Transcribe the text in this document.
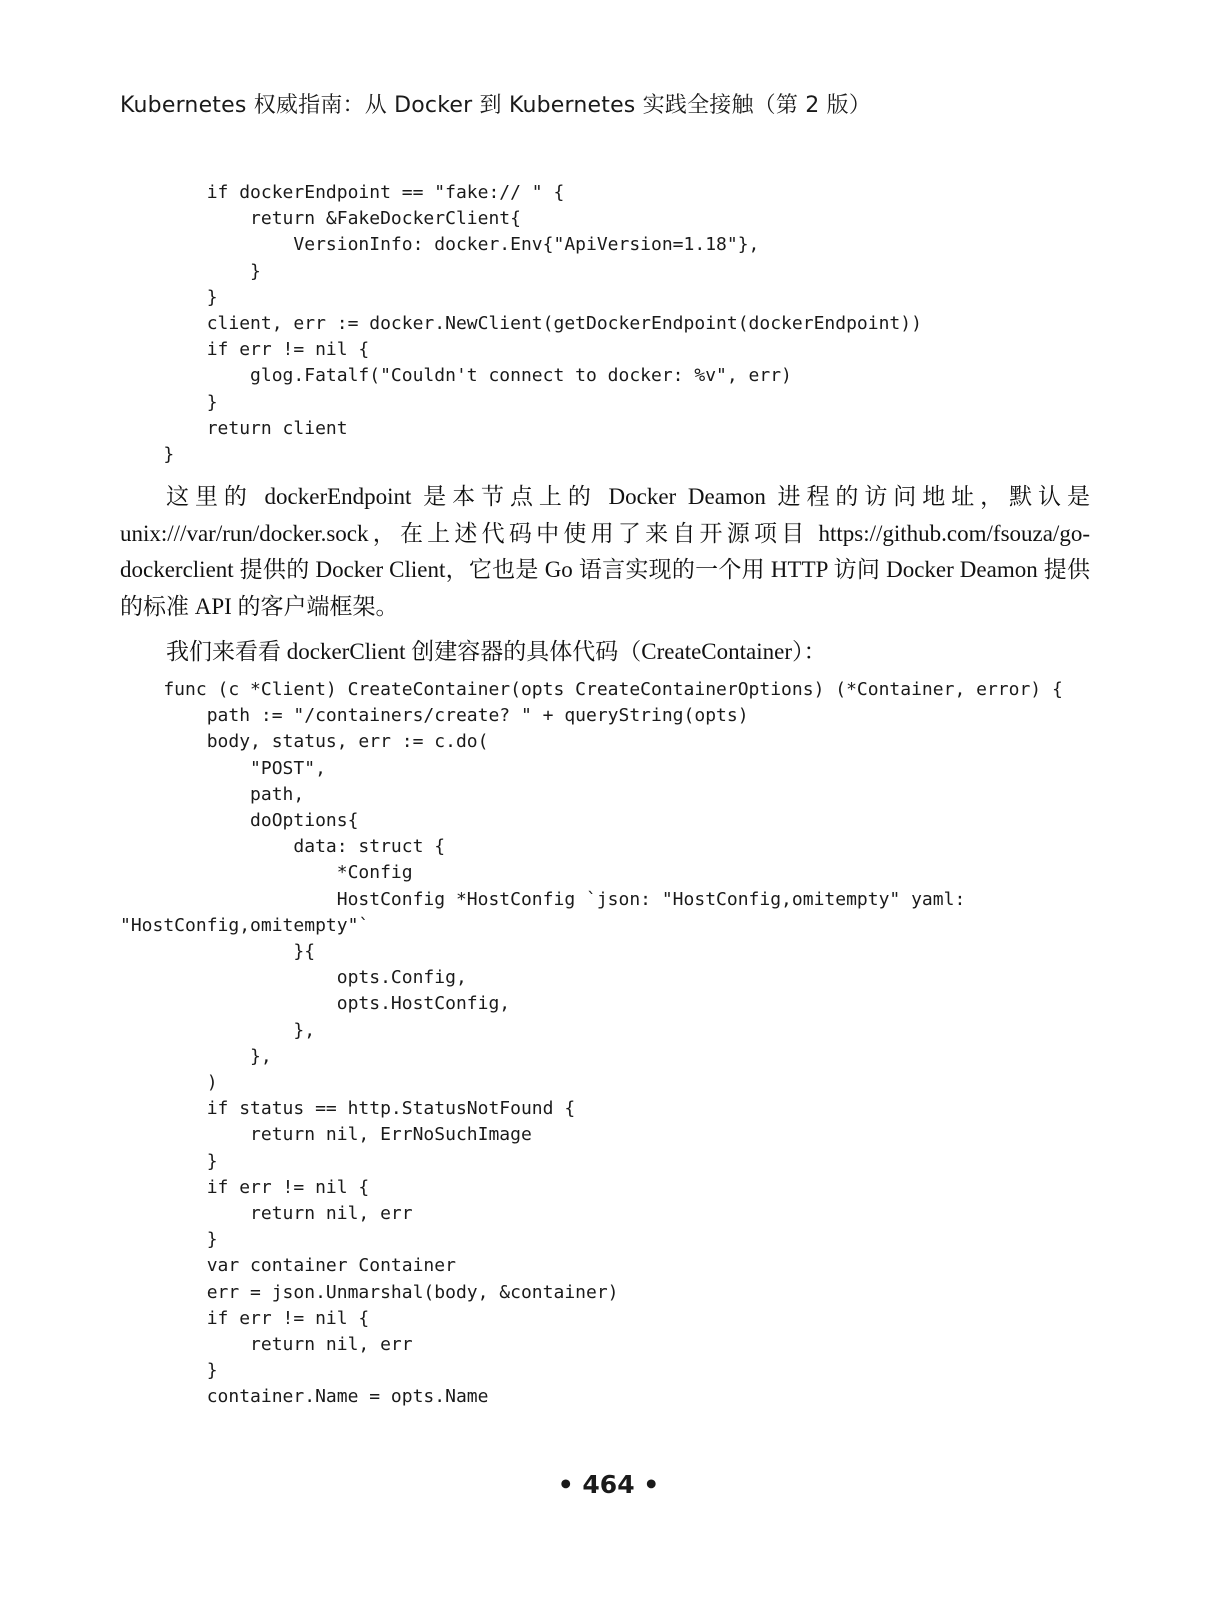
Kubernetes 权威指南：从 Docker 到 Kubernetes 实践全接触（第 2 版）
if dockerEndpoint == "fake:// " {
return &FakeDockerClient{
VersionInfo: docker.Env{"ApiVersion=1.18"},
}
}
client, err := docker.NewClient(getDockerEndpoint(dockerEndpoint))
if err != nil {
glog.Fatalf("Couldn't connect to docker: %v", err)
}
return client
}

这里的 dockerEndpoint 是本节点上的 Docker Deamon 进程的访问地址，默认是 unix:///var/run/docker.sock，在上述代码中使用了来自开源项目 https://github.com/fsouza/go-dockerclient 提供的 Docker Client，它也是 Go 语言实现的一个用 HTTP 访问 Docker Deamon 提供的标准 API 的客户端框架。

我们来看看 dockerClient 创建容器的具体代码（CreateContainer）：

func (c *Client) CreateContainer(opts CreateContainerOptions) (*Container, error) {
path := "/containers/create? " + queryString(opts)
body, status, err := c.do(
"POST",
path,
doOptions{
data: struct {
*Config
HostConfig *HostConfig `json: "HostConfig,omitempty" yaml:
"HostConfig,omitempty"`
}{
opts.Config,
opts.HostConfig,
},
},
)
if status == http.StatusNotFound {
return nil, ErrNoSuchImage
}
if err != nil {
return nil, err
}
var container Container
err = json.Unmarshal(body, &container)
if err != nil {
return nil, err
}
container.Name = opts.Name
• 464 •
